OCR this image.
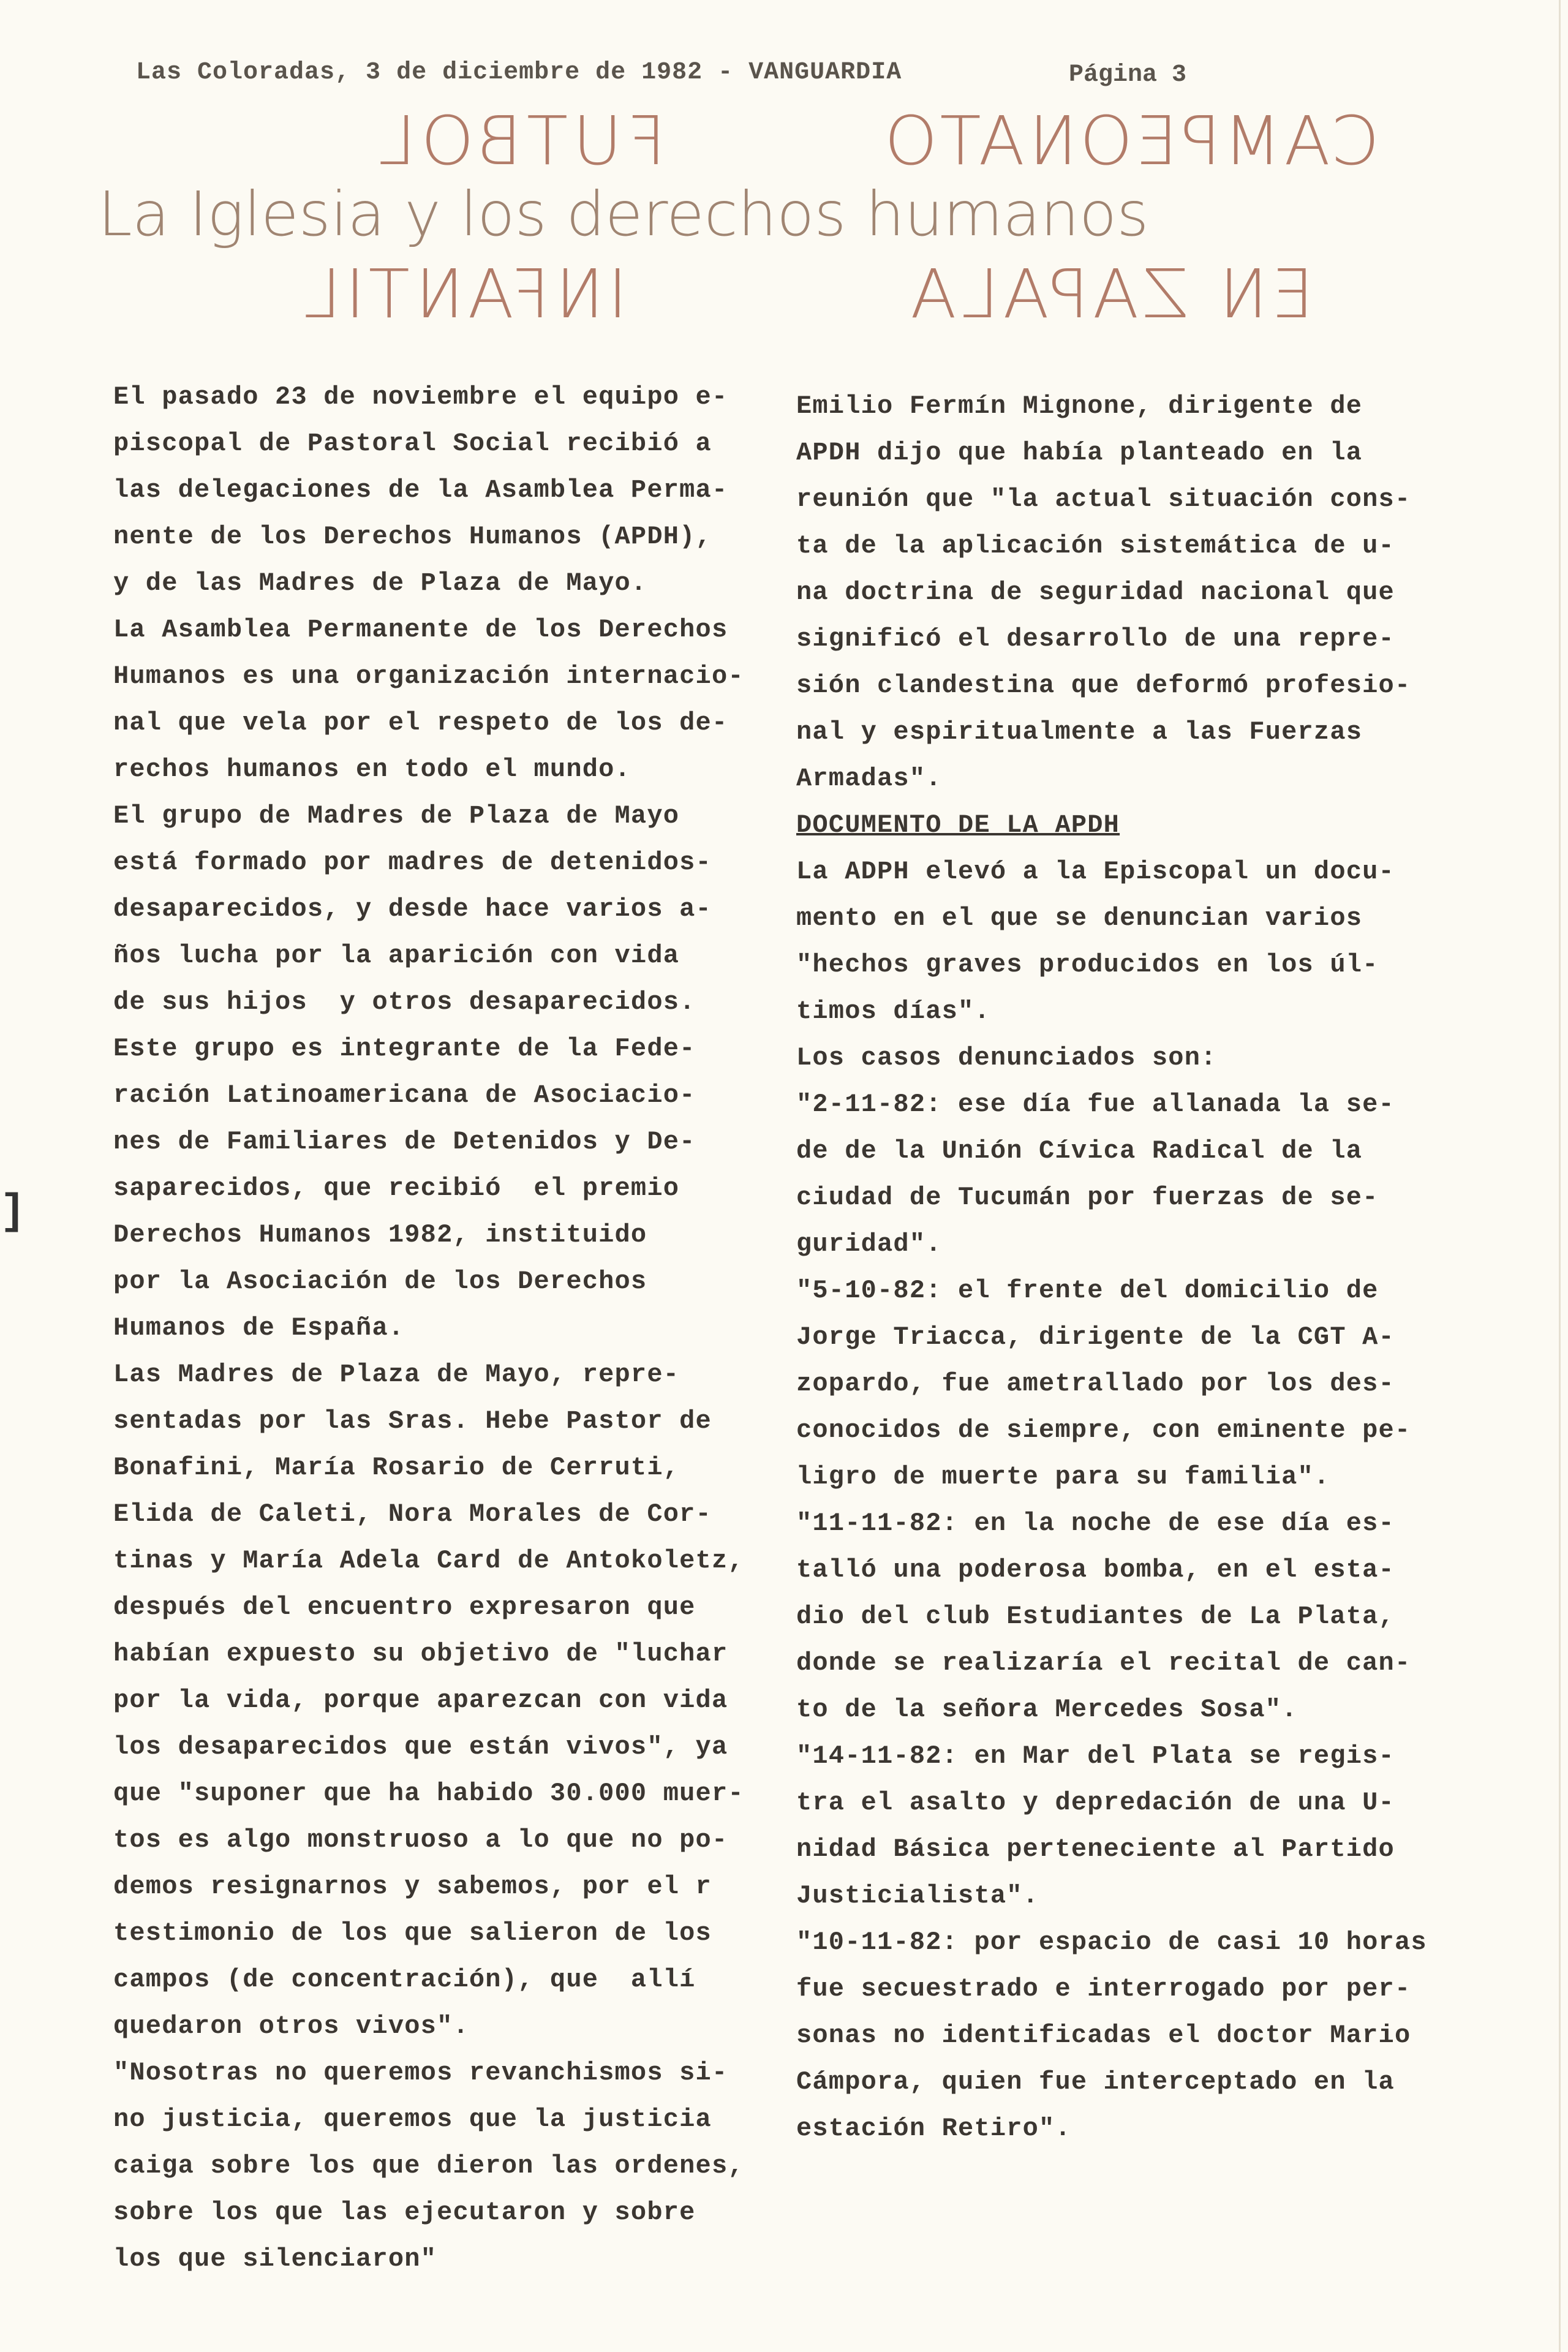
]
Las Coloradas, 3 de diciembre de 1982 - VANGUARDIA	Página 3
CAMPEONATO
FUTBOL
La Iglesia y los derechos humanos
INFANTIL	EN ZAPALA
El pasado 23 de noviembre el equipo e-
piscopal de Pastoral Social recibió a
las delegaciones de la Asamblea Perma-
nente de los Derechos Humanos (APDH),
y de las Madres de Plaza de Mayo.
La Asamblea Permanente de los Derechos
Humanos es una organización internacio-
nal que vela por el respeto de los de-
rechos humanos en todo el mundo.
El grupo de Madres de Plaza de Mayo
está formado por madres de detenidos-
desaparecidos, y desde hace varios a-
ños lucha por la aparición con vida
de sus hijos  y otros desaparecidos.
Este grupo es integrante de la Fede-
ración Latinoamericana de Asociacio-
nes de Familiares de Detenidos y De-
saparecidos, que recibió  el premio
Derechos Humanos 1982, instituido
por la Asociación de los Derechos
Humanos de España.
Las Madres de Plaza de Mayo, repre-
sentadas por las Sras. Hebe Pastor de
Bonafini, María Rosario de Cerruti,
Elida de Caleti, Nora Morales de Cor-
tinas y María Adela Card de Antokoletz,
después del encuentro expresaron que
habían expuesto su objetivo de "luchar
por la vida, porque aparezcan con vida
los desaparecidos que están vivos", ya
que "suponer que ha habido 30.000 muer-
tos es algo monstruoso a lo que no po-
demos resignarnos y sabemos, por el r
testimonio de los que salieron de los
campos (de concentración), que  allí
quedaron otros vivos".
"Nosotras no queremos revanchismos si-
no justicia, queremos que la justicia
caiga sobre los que dieron las ordenes,
sobre los que las ejecutaron y sobre
los que silenciaron"
Emilio Fermín Mignone, dirigente de
APDH dijo que había planteado en la
reunión que "la actual situación cons-
ta de la aplicación sistemática de u-
na doctrina de seguridad nacional que
significó el desarrollo de una repre-
sión clandestina que deformó profesio-
nal y espiritualmente a las Fuerzas
Armadas".
DOCUMENTO DE LA APDH
La ADPH elevó a la Episcopal un docu-
mento en el que se denuncian varios
"hechos graves producidos en los úl-
timos días".
Los casos denunciados son:
"2-11-82: ese día fue allanada la se-
de de la Unión Cívica Radical de la
ciudad de Tucumán por fuerzas de se-
guridad".
"5-10-82: el frente del domicilio de
Jorge Triacca, dirigente de la CGT A-
zopardo, fue ametrallado por los des-
conocidos de siempre, con eminente pe-
ligro de muerte para su familia".
"11-11-82: en la noche de ese día es-
talló una poderosa bomba, en el esta-
dio del club Estudiantes de La Plata,
donde se realizaría el recital de can-
to de la señora Mercedes Sosa".
"14-11-82: en Mar del Plata se regis-
tra el asalto y depredación de una U-
nidad Básica perteneciente al Partido
Justicialista".
"10-11-82: por espacio de casi 10 horas
fue secuestrado e interrogado por per-
sonas no identificadas el doctor Mario
Cámpora, quien fue interceptado en la
estación Retiro".
